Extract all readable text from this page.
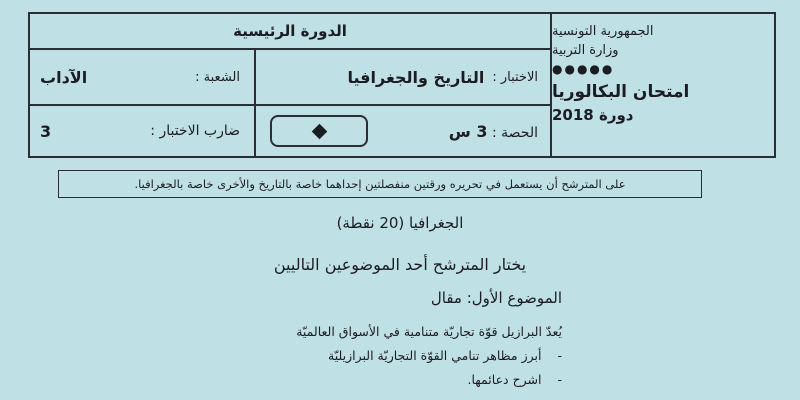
الدورة الرئيسية
الاختبار :
التاريخ والجغرافيا
الشعبة :
الآداب
الحصة : 3 س
ضارب الاختبار :
3
الجمهورية التونسية
وزارة التربية
●●●●●
امتحان البكالوريا
دورة 2018
على المترشح أن يستعمل في تحريره ورقتين منفصلتين إحداهما خاصة بالتاريخ والأخرى خاصة بالجغرافيا.
الجغرافيا (20 نقطة)
يختار المترشح أحد الموضوعين التاليين
الموضوع الأول: مقال
يُعدّ البرازيل قوّة تجاريّة متنامية في الأسواق العالميّة
-
أبرز مظاهر تنامي القوّة التجاريّة البرازيليّة
-
اشرح دعائمها.
